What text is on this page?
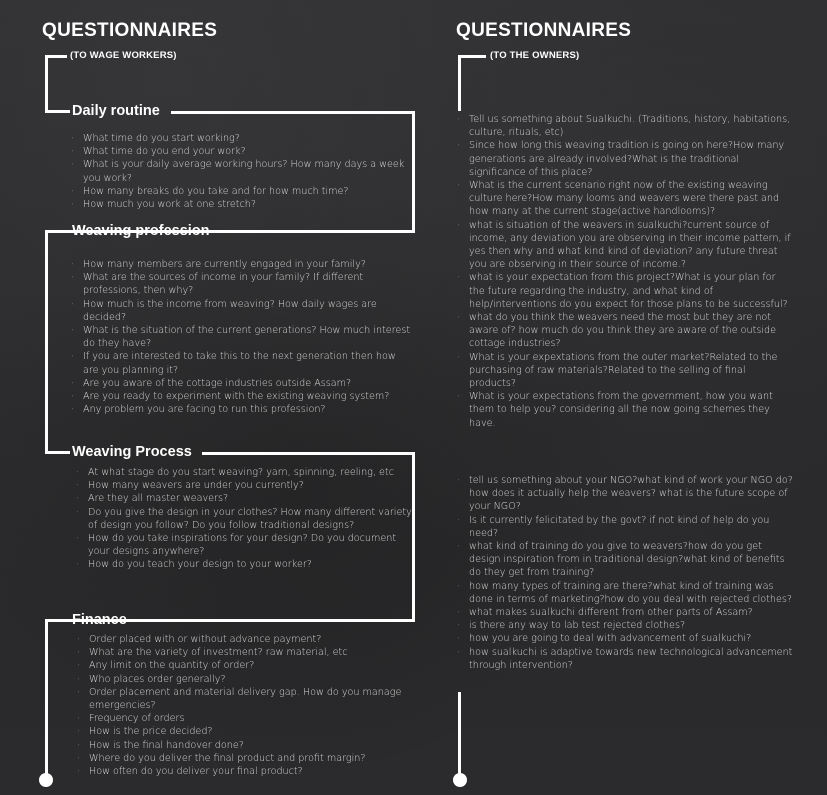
QUESTIONNAIRES
(TO WAGE WORKERS)
Daily routine
· What time do you start working?
· What time do you end your work?
· What is your daily average working hours? How many days a week you work?
· How many breaks do you take and for how much time?
· How much you work at one stretch?
Weaving profession
· How many members are currently engaged in your family?
· What are the sources of income in your family? If different professions, then why?
· How much is the income from weaving? How daily wages are decided?
· What is the situation of the current generations? How much interest do they have?
· If you are interested to take this to the next generation then how are you planning it?
· Are you aware of the cottage industries outside Assam?
· Are you ready to experiment with the existing weaving system?
· Any problem you are facing to run this profession?
Weaving Process
· At what stage do you start weaving? yarn, spinning, reeling, etc
· How many weavers are under you currently?
· Are they all master weavers?
· Do you give the design in your clothes? How many different variety of design you follow? Do you follow traditional designs?
· How do you take inspirations for your design? Do you document your designs anywhere?
· How do you teach your design to your worker?
Finance
· Order placed with or without advance payment?
· What are the variety of investment? raw material, etc
· Any limit on the quantity of order?
· Who places order generally?
· Order placement and material delivery gap. How do you manage emergencies?
· Frequency of orders
· How is the price decided?
· How is the final handover done?
· Where do you deliver the final product and profit margin?
· How often do you deliver your final product?
QUESTIONNAIRES
(TO THE OWNERS)
· Tell us something about Sualkuchi. (Traditions, history, habitations, culture, rituals, etc)
· Since how long this weaving tradition is going on here?How many generations are already involved?What is the traditional significance of this place?
· What is the current scenario right now of the existing weaving culture here?How many looms and weavers were there past and how many at the current stage(active handlooms)?
· what is situation of the weavers in sualkuchi?current source of income, any deviation you are observing in their income pattern, if yes then why and what kind kind of deviation? any future threat you are observing in their source of income.?
· what is your expectation from this project?What is your plan for the future regarding the industry, and what kind of help/interventions do you expect for those plans to be successful?
· what do you think the weavers need the most but they are not aware of? how much do you think they are aware of the outside cottage industries?
· What is your expextations from the outer market?Related to the purchasing of raw materials?Related to the selling of final products?
· What is your expectations from the government, how you want them to help you? considering all the now going schemes they have.
· tell us something about your NGO?what kind of work your NGO do? how does it actually help the weavers? what is the future scope of your NGO?
· Is it currently felicitated by the govt? if not kind of help do you need?
· what kind of training do you give to weavers?how do you get design inspiration from in traditional design?what kind of benefits do they get from training?
· how many types of training are there?what kind of training was done in terms of marketing?how do you deal with rejected clothes?
· what makes sualkuchi different from other parts of Assam?
· is there any way to lab test rejected clothes?
· how you are going to deal with advancement of sualkuchi?
· how sualkuchi is adaptive towards new technological advancement through intervention?
